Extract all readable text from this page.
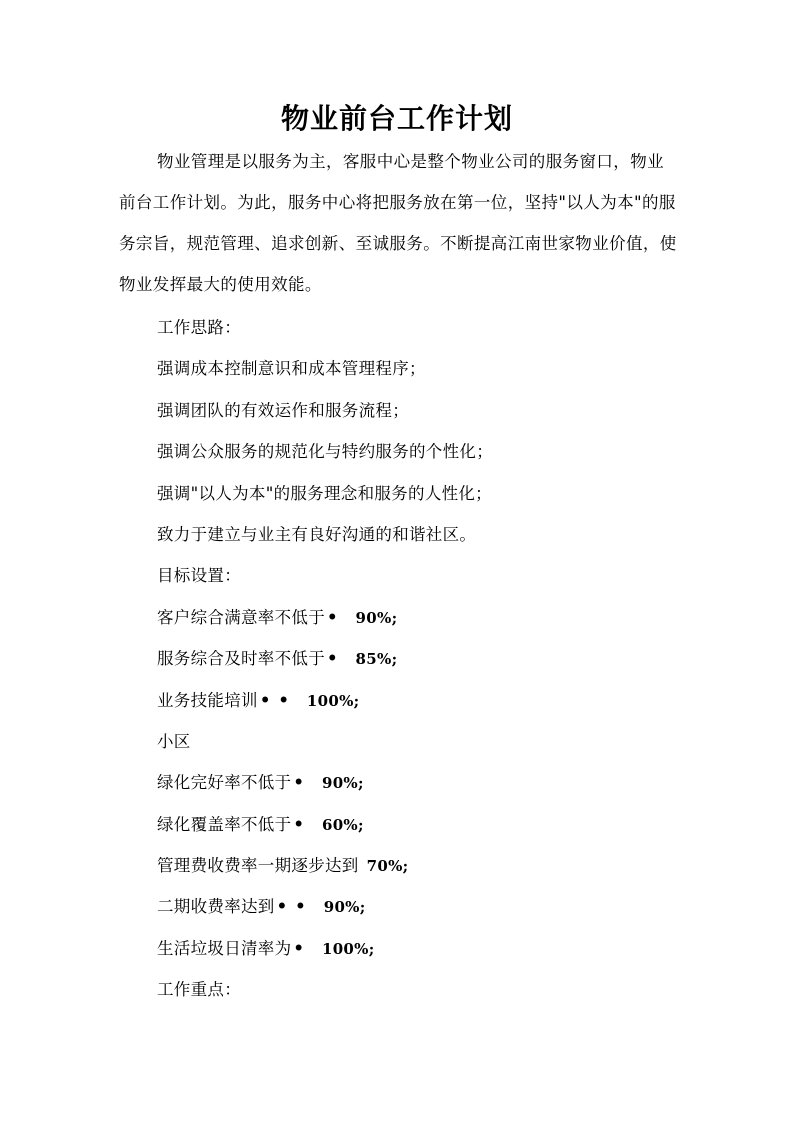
物业前台工作计划

物业管理是以服务为主，客服中心是整个物业公司的服务窗口，物业前台工作计划。为此，服务中心将把服务放在第一位，坚持"以人为本"的服务宗旨，规范管理、追求创新、至诚服务。不断提高江南世家物业价值，使物业发挥最大的使用效能。

工作思路：
强调成本控制意识和成本管理程序；
强调团队的有效运作和服务流程；
强调公众服务的规范化与特约服务的个性化；
强调"以人为本"的服务理念和服务的人性化；
致力于建立与业主有良好沟通的和谐社区。
目标设置：
客户综合满意率不低于 • 90%;
服务综合及时率不低于 • 85%;
业务技能培训 •• 100%;
小区
绿化完好率不低于 • 90%;
绿化覆盖率不低于 • 60%;
管理费收费率一期逐步达到 70%;
二期收费率达到 •• 90%;
生活垃圾日清率为 • 100%;
工作重点：
